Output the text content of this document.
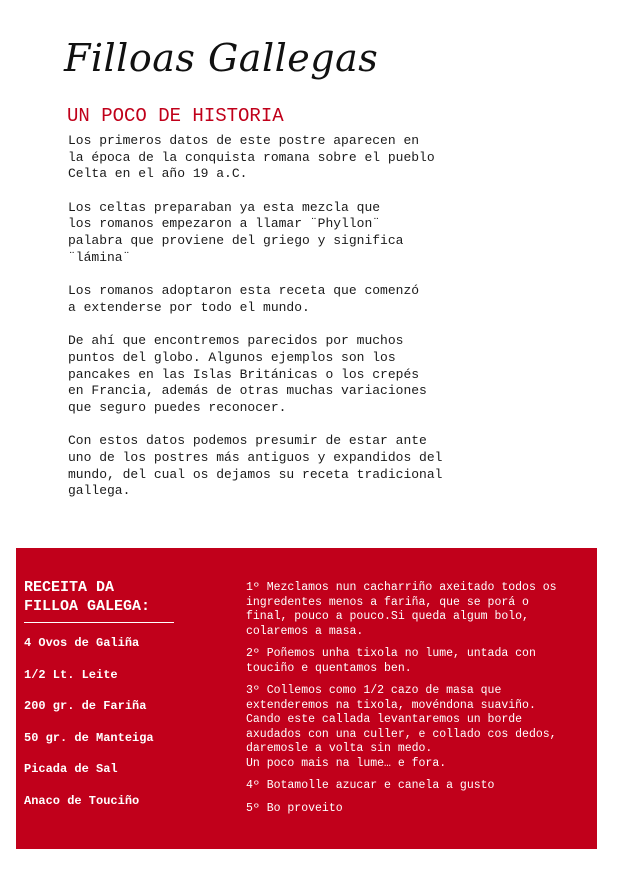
Filloas Gallegas
UN POCO DE HISTORIA

Los primeros datos de este postre aparecen en
la época de la conquista romana sobre el pueblo
Celta en el año 19 a.C.

Los celtas preparaban ya esta mezcla que
los romanos empezaron a llamar ¨Phyllon¨
palabra que proviene del griego y significa
¨lámina¨

Los romanos adoptaron esta receta que comenzó
a extenderse por todo el mundo.

De ahí que encontremos parecidos por muchos
puntos del globo. Algunos ejemplos son los
pancakes en las Islas Británicas o los crepés
en Francia, además de otras muchas variaciones
que seguro puedes reconocer.

Con estos datos podemos presumir de estar ante
uno de los postres más antiguos y expandidos del
mundo, del cual os dejamos su receta tradicional
gallega.

RECEITA DA
FILLOA GALEGA:
4 Ovos de Galiña
1/2 Lt. Leite
200 gr. de Fariña
50 gr. de Manteiga
Picada de Sal
Anaco de Touciño

1º Mezclamos nun cacharriño axeitado todos os
ingredentes menos a fariña, que se porá o
final, pouco a pouco.Si queda algum bolo,
colaremos a masa.

2º Poñemos unha tixola no lume, untada con
touciño e quentamos ben.

3º Collemos como 1/2 cazo de masa que
extenderemos na tixola, movéndona suaviño.
Cando este callada levantaremos un borde
axudados con una culler, e collado cos dedos,
daremosle a volta sin medo.
Un poco mais na lume… e fora.

4º Botamolle azucar e canela a gusto

5º Bo proveito
